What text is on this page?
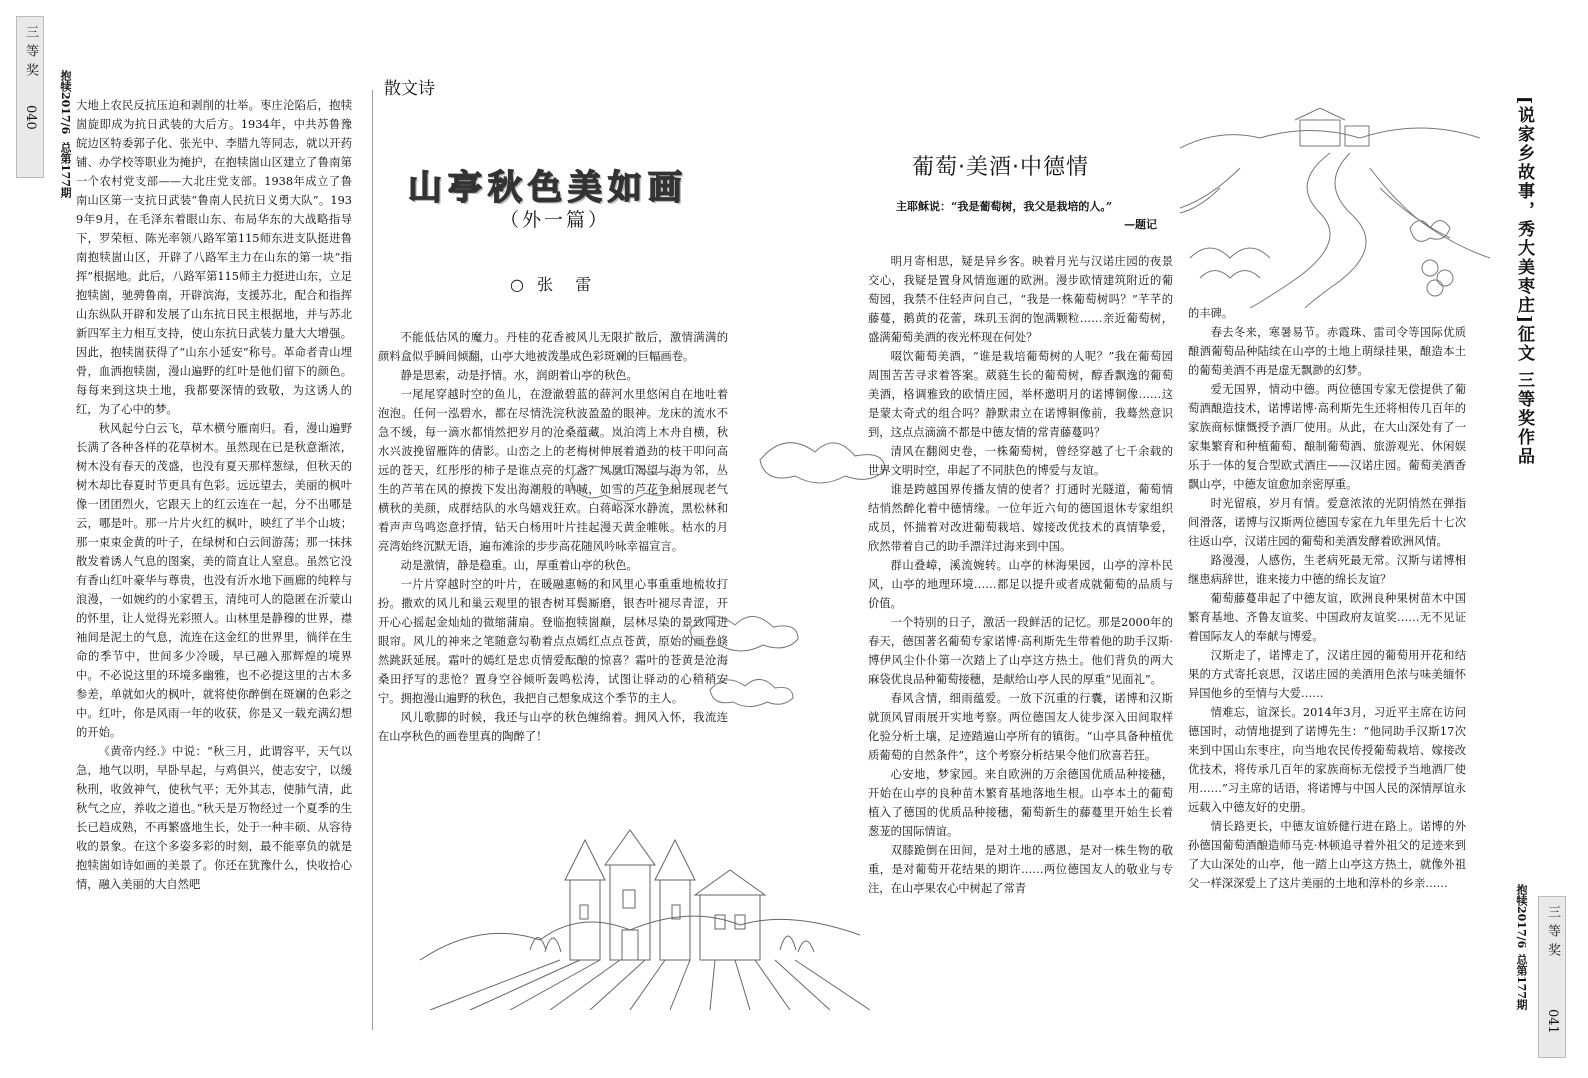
三等奖
040 抱犊2017/6
总第177期

大地上农民反抗压迫和剥削的壮举。枣庄沦陷后，抱犊崮旋即成为抗日武装的大后方。1934年，中共苏鲁豫皖边区特委郭子化、张光中、李腊九等同志，就以开药铺、办学校等职业为掩护，在抱犊崮山区建立了鲁南第一个农村党支部——大北庄党支部。1938年成立了鲁南山区第一支抗日武装“鲁南人民抗日义勇大队”。1939年9月，在毛泽东着眼山东、布局华东的大战略指导下，罗荣桓、陈光率领八路军第115师东进支队挺进鲁南抱犊崮山区，开辟了八路军主力在山东的第一块“指挥”根据地。此后，八路军第115师主力挺进山东，立足抱犊崮，驰骋鲁南，开辟滨海，支援苏北，配合和指挥山东纵队开辟和发展了山东抗日民主根据地，并与苏北新四军主力相互支持，使山东抗日武装力量大大增强。因此，抱犊崮获得了“山东小延安”称号。革命者青山埋骨，血洒抱犊崮，漫山遍野的红叶是他们留下的颜色。每每来到这块土地，我都要深情的致敬，为这诱人的红，为了心中的梦。

秋风起兮白云飞，草木横兮雁南归。看，漫山遍野长满了各种各样的花草树木。虽然现在已是秋意渐浓，树木没有春天的茂盛，也没有夏天那样葱绿，但秋天的树木却比春夏时节更具有色彩。远远望去，美丽的枫叶像一团团烈火，它跟天上的红云连在一起，分不出哪是云，哪是叶。那一片片火红的枫叶，映红了半个山坡；那一束束金黄的叶子，在绿树和白云间游荡；那一抹抹散发着诱人气息的图案，美的简直让人窒息。虽然它没有香山红叶豪华与尊贵，也没有沂水地下画廊的纯粹与浪漫，一如婉约的小家碧玉，清纯可人的隐匿在沂蒙山的怀里，让人觉得光彩照人。山林里是静穆的世界，襟袖间是泥土的气息，流连在这金红的世界里，徜徉在生命的季节中，世间多少冷暖，早已融入那辉煌的境界中。不必说这里的环境多幽雅，也不必提这里的古木多参差，单就如火的枫叶，就将使你醉倒在斑斓的色彩之中。红叶，你是风雨一年的收获，你是又一载充满幻想的开始。

《黄帝内经.》中说：“秋三月，此谓容平，天气以急，地气以明，早卧早起，与鸡俱兴，使志安宁，以缓秋刑，收敛神气，使秋气平；无外其志，使肺气清，此秋气之应，养收之道也。”秋天是万物经过一个夏季的生长已趋成熟，不再繁盛地生长，处于一种丰硕、从容待收的景象。在这个多姿多彩的时刻，最不能辜负的就是抱犊崮如诗如画的美景了。你还在犹豫什么，快收拾心情，融入美丽的大自然吧

散文诗
山亭秋色美如画
（外一篇）
○ 张  雷

不能低估风的魔力。丹桂的花香被风儿无限扩散后，激情满满的颜料盒似乎瞬间倾翻，山亭大地被泼墨成色彩斑斓的巨幅画卷。

静是思索，动是抒情。水，润朗着山亭的秋色。

一尾尾穿越时空的鱼儿，在澄澈碧蓝的薛河水里悠闲自在地吐着泡泡。任何一泓碧水，都在尽情洗浣秋波盈盈的眼神。龙床的流水不急不缓，每一滴水都悄然把岁月的沧桑蕴藏。岚泊湾上木舟自横，秋水兴波挽留雁阵的倩影。山峦之上的老梅树伸展着遒劲的枝干叩问高远的苍天，红彤彤的柿子是谁点亮的灯盏？凤凰山渴望与海为邻，丛生的芦苇在风的撩拨下发出海潮般的呐喊，如雪的芦花争相展现老气横秋的美颜，成群结队的水鸟嬉戏狂欢。白蒋峪深水静流，黑松林和着声声鸟鸣恣意抒情，钻天白杨用叶片挂起漫天黄金帷帐。枯水的月亮湾始终沉默无语，遍布滩涂的步步高花随风吟咏幸福宣言。

动是激情，静是稳重。山，厚重着山亭的秋色。

一片片穿越时空的叶片，在暖融惠畅的和风里心事重重地梳妆打扮。撒欢的风儿和巢云观里的银杏树耳鬓厮磨，银杏叶褪尽青涩，开开心心摇起金灿灿的微缩蒲扇。登临抱犊崮巅，层林尽染的景致闯进眼帘。风儿的神来之笔随意勾勒着点点嫣红点点苍黄，原始的画卷倏然跳跃延展。霜叶的嫣红是忠贞情爱酝酿的惊喜？霜叶的苍黄是沧海桑田抒写的悲怆？置身空谷倾听轰鸣松涛，试图让驿动的心稍稍安宁。拥抱漫山遍野的秋色，我把自己想象成这个季节的主人。

风儿歌脚的时候，我还与山亭的秋色缠绵着。拥风入怀，我流连在山亭秋色的画卷里真的陶醉了！

葡萄·美酒·中德情
主耶稣说：“我是葡萄树，我父是栽培的人。”
—题记

明月寄相思，疑是异乡客。映着月光与汉诺庄园的夜景交心，我疑是置身风情迤逦的欧洲。漫步欧情建筑附近的葡萄园，我禁不住轻声问自己，“我是一株葡萄树吗？”芊芊的藤蔓，鹅黄的花蕾，珠玑玉润的饱满颗粒……亲近葡萄树，盛满葡萄美酒的夜光杯现在何处？

啜饮葡萄美酒，“谁是栽培葡萄树的人呢？”我在葡萄园周围苦苦寻求着答案。葳蕤生长的葡萄树，醇香飘逸的葡萄美酒，格调雅致的欧情庄园，举杯邀明月的诺博铜像……这是蒙太奇式的组合吗？静默肃立在诺博铜像前，我蓦然意识到，这点点滴滴不都是中德友情的常青藤蔓吗？

清风在翻阅史卷，一株葡萄树，曾经穿越了七千余载的世界文明时空，串起了不同肤色的博爱与友谊。

谁是跨越国界传播友情的使者？打通时光隧道，葡萄情结悄然醉化着中德情缘。一位年近六旬的德国退休专家组织成员，怀揣着对改进葡萄栽培、嫁接改优技术的真情挚爱，欣然带着自己的助手漂洋过海来到中国。

群山叠嶂，溪流婉转。山亭的林海果园，山亭的淳朴民风，山亭的地理环境……都足以提升或者成就葡萄的品质与价值。

一个特别的日子，激活一段鲜活的记忆。那是2000年的春天，德国著名葡萄专家诺博·高利斯先生带着他的助手汉斯·博伊风尘仆仆第一次踏上了山亭这方热土。他们背负的两大麻袋优良品种葡萄接穗，是献给山亭人民的厚重“见面礼”。

春风含情，细雨蕴爱。一放下沉重的行囊，诺博和汉斯就顶风冒雨展开实地考察。两位德国友人徒步深入田间取样化验分析土壤，足迹踏遍山亭所有的镇街。“山亭具备种植优质葡萄的自然条件”，这个考察分析结果令他们欣喜若狂。

心安地，梦家园。来自欧洲的万余德国优质品种接穗，开始在山亭的良种苗木繁育基地落地生根。山亭本土的葡萄植入了德国的优质品种接穗，葡萄新生的藤蔓里开始生长着葱茏的国际情谊。

双膝跪倒在田间，是对土地的感恩，是对一株生物的敬重，是对葡萄开花结果的期许……两位德国友人的敬业与专注，在山亭果农心中树起了常青

的丰碑。

春去冬来，寒暑易节。赤霞珠、雷司令等国际优质酿酒葡萄品种陆续在山亭的土地上萌绿挂果，酿造本土的葡萄美酒不再是虚无飘渺的幻梦。

爱无国界，情动中德。两位德国专家无偿提供了葡萄酒酿造技术，诺博诺博·高利斯先生还将相传几百年的家族商标慷慨授予酒厂使用。从此，在大山深处有了一家集繁育和种植葡萄、酿制葡萄酒、旅游观光、休闲娱乐于一体的复合型欧式酒庄——汉诺庄园。葡萄美酒香飘山亭，中德友谊愈加亲密厚重。

时光留痕，岁月有情。爱意浓浓的光阴悄然在弹指间滑落，诺博与汉斯两位德国专家在九年里先后十七次往返山亭，汉诺庄园的葡萄和美酒发酵着欧洲风情。

路漫漫，人感伤，生老病死最无常。汉斯与诺博相继患病辞世，谁来接力中德的绵长友谊？

葡萄藤蔓串起了中德友谊，欧洲良种果树苗木中国繁育基地、齐鲁友谊奖、中国政府友谊奖……无不见证着国际友人的奉献与博爱。

汉斯走了，诺博走了，汉诺庄园的葡萄用开花和结果的方式寄托哀思，汉诺庄园的美酒用色浓与味美缅怀异国他乡的至情与大爱……

情难忘，谊深长。2014年3月，习近平主席在访问德国时，动情地提到了诺博先生：“他同助手汉斯17次来到中国山东枣庄，向当地农民传授葡萄栽培、嫁接改优技术，将传承几百年的家族商标无偿授予当地酒厂使用……”习主席的话语，将诺博与中国人民的深情厚谊永远载入中德友好的史册。

情长路更长，中德友谊娇健行进在路上。诺博的外孙德国葡萄酒酿造师马克·林顿追寻着外祖父的足迹来到了大山深处的山亭，他一踏上山亭这方热土，就像外祖父一样深深爱上了这片美丽的土地和淳朴的乡亲……

[说家乡故事，秀大美枣庄]征文 三等奖作品
抱犊2017/6
总第177期
三等奖
041
